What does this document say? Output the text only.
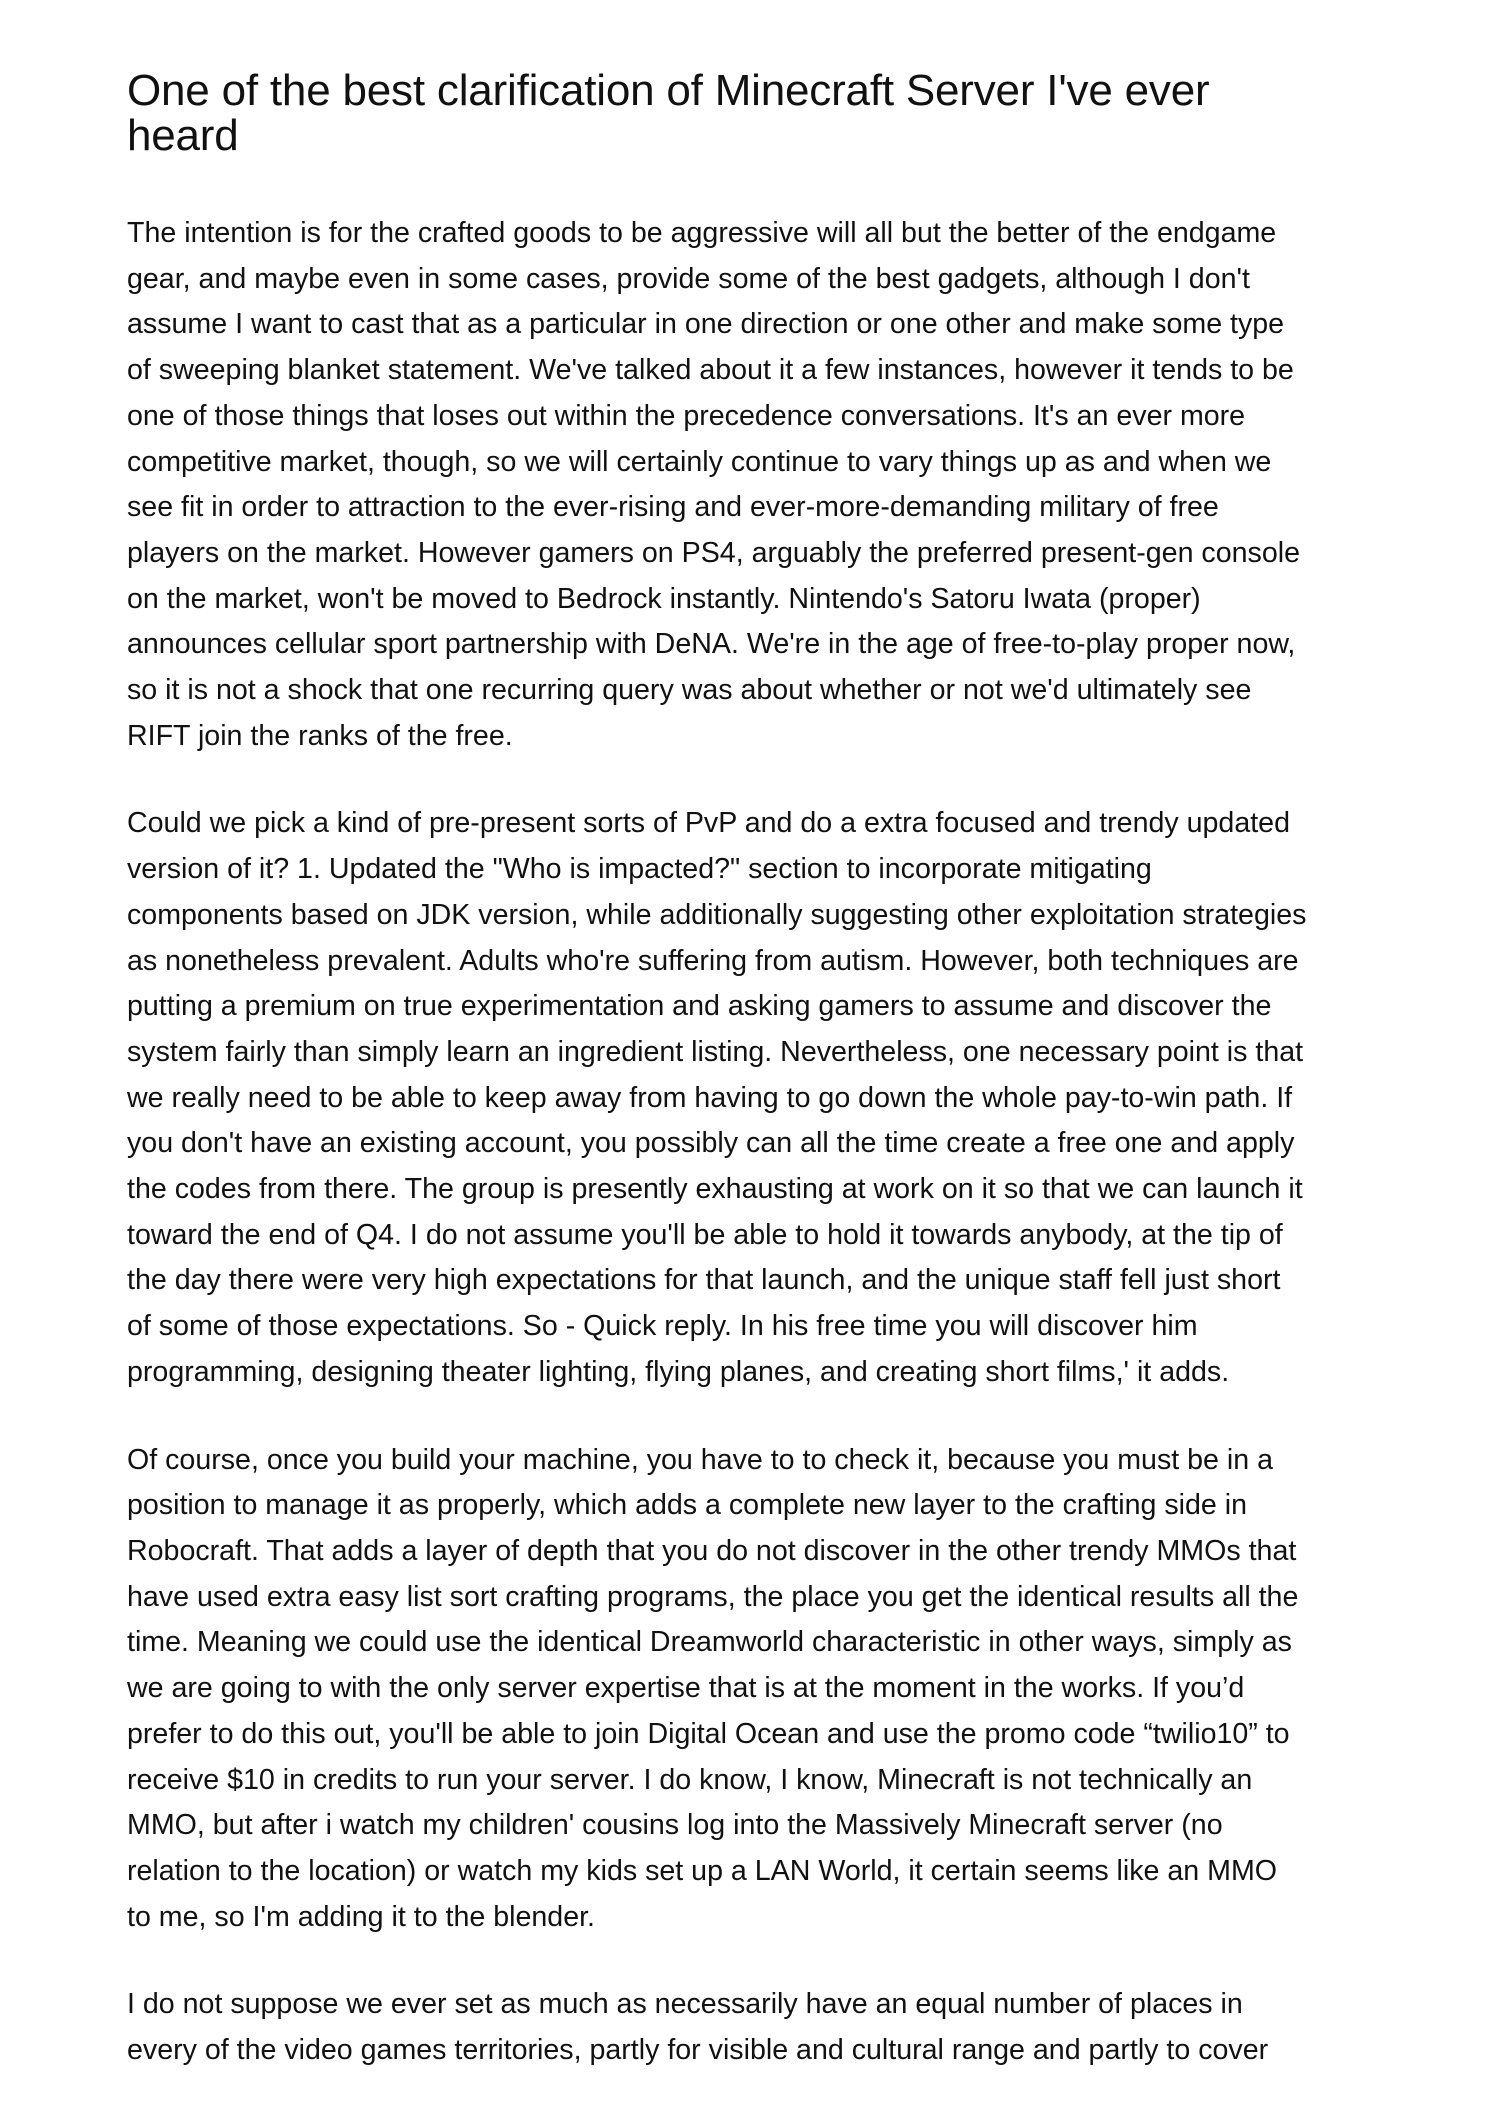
One of the best clarification of Minecraft Server I've ever
heard

The intention is for the crafted goods to be aggressive will all but the better of the endgame
gear, and maybe even in some cases, provide some of the best gadgets, although I don't
assume I want to cast that as a particular in one direction or one other and make some type
of sweeping blanket statement. We've talked about it a few instances, however it tends to be
one of those things that loses out within the precedence conversations. It's an ever more
competitive market, though, so we will certainly continue to vary things up as and when we
see fit in order to attraction to the ever-rising and ever-more-demanding military of free
players on the market. However gamers on PS4, arguably the preferred present-gen console
on the market, won't be moved to Bedrock instantly. Nintendo's Satoru Iwata (proper)
announces cellular sport partnership with DeNA. We're in the age of free-to-play proper now,
so it is not a shock that one recurring query was about whether or not we'd ultimately see
RIFT join the ranks of the free.

Could we pick a kind of pre-present sorts of PvP and do a extra focused and trendy updated
version of it? 1. Updated the "Who is impacted?" section to incorporate mitigating
components based on JDK version, while additionally suggesting other exploitation strategies
as nonetheless prevalent. Adults who're suffering from autism. However, both techniques are
putting a premium on true experimentation and asking gamers to assume and discover the
system fairly than simply learn an ingredient listing. Nevertheless, one necessary point is that
we really need to be able to keep away from having to go down the whole pay-to-win path. If
you don't have an existing account, you possibly can all the time create a free one and apply
the codes from there. The group is presently exhausting at work on it so that we can launch it
toward the end of Q4. I do not assume you'll be able to hold it towards anybody, at the tip of
the day there were very high expectations for that launch, and the unique staff fell just short
of some of those expectations. So - Quick reply. In his free time you will discover him
programming, designing theater lighting, flying planes, and creating short films,' it adds.

Of course, once you build your machine, you have to to check it, because you must be in a
position to manage it as properly, which adds a complete new layer to the crafting side in
Robocraft. That adds a layer of depth that you do not discover in the other trendy MMOs that
have used extra easy list sort crafting programs, the place you get the identical results all the
time. Meaning we could use the identical Dreamworld characteristic in other ways, simply as
we are going to with the only server expertise that is at the moment in the works. If you’d
prefer to do this out, you'll be able to join Digital Ocean and use the promo code “twilio10” to
receive $10 in credits to run your server. I do know, I know, Minecraft is not technically an
MMO, but after i watch my children' cousins log into the Massively Minecraft server (no
relation to the location) or watch my kids set up a LAN World, it certain seems like an MMO
to me, so I'm adding it to the blender.

I do not suppose we ever set as much as necessarily have an equal number of places in
every of the video games territories, partly for visible and cultural range and partly to cover
